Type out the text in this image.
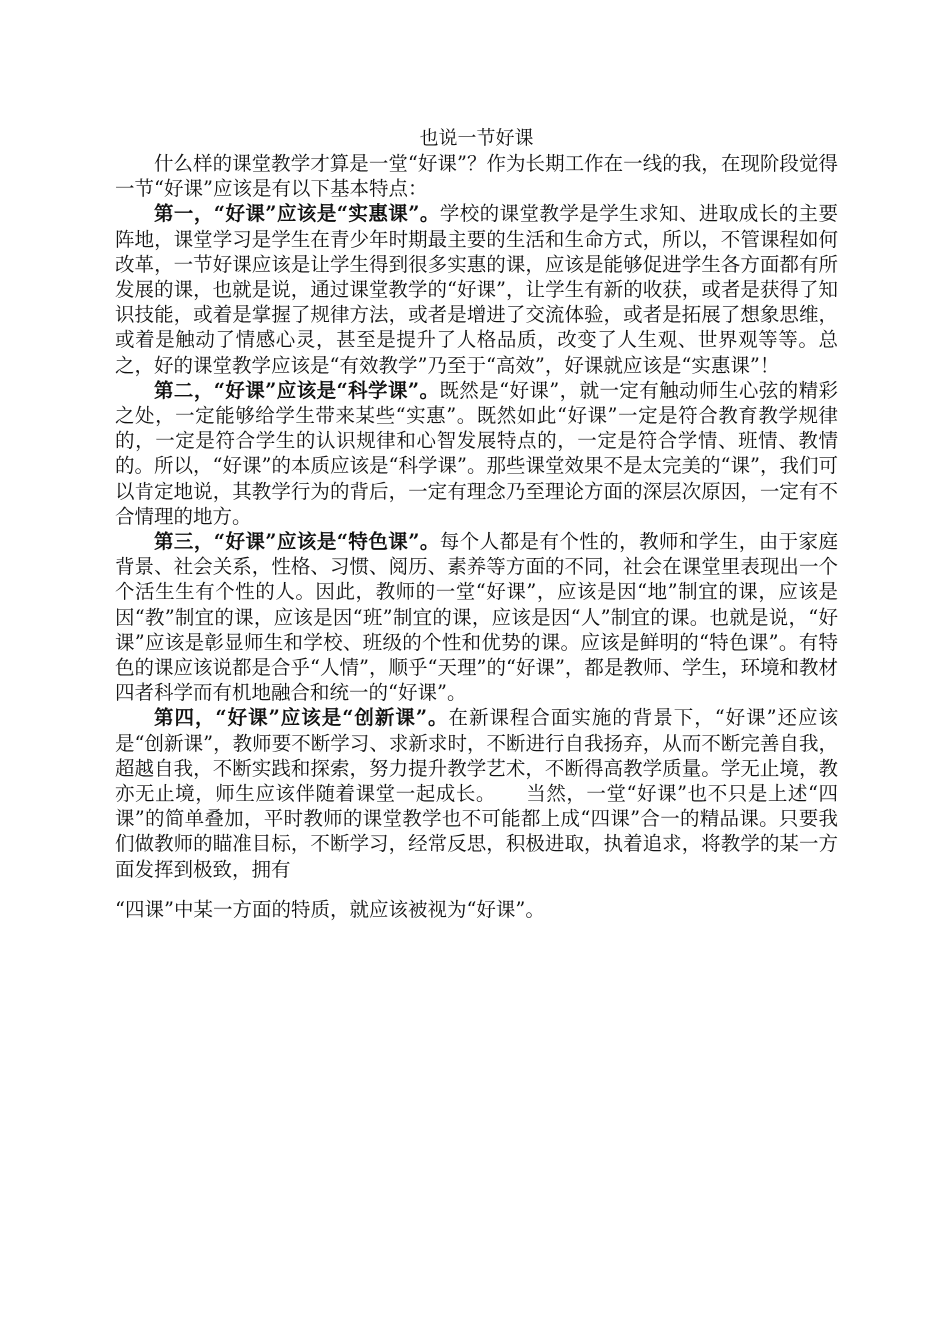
也说一节好课

什么样的课堂教学才算是一堂“好课”？作为长期工作在一线的我，在现阶段觉得一节“好课”应该是有以下基本特点：

第一，“好课”应该是“实惠课”。学校的课堂教学是学生求知、进取成长的主要阵地，课堂学习是学生在青少年时期最主要的生活和生命方式，所以，不管课程如何改革，一节好课应该是让学生得到很多实惠的课，应该是能够促进学生各方面都有所发展的课，也就是说，通过课堂教学的“好课”，让学生有新的收获，或者是获得了知识技能，或着是掌握了规律方法，或者是增进了交流体验，或者是拓展了想象思维，或着是触动了情感心灵，甚至是提升了人格品质，改变了人生观、世界观等等。总之，好的课堂教学应该是“有效教学”乃至于“高效”，好课就应该是“实惠课”！

第二，“好课”应该是“科学课”。既然是“好课”，就一定有触动师生心弦的精彩之处，一定能够给学生带来某些“实惠”。既然如此“好课”一定是符合教育教学规律的，一定是符合学生的认识规律和心智发展特点的，一定是符合学情、班情、教情的。所以，“好课”的本质应该是“科学课”。那些课堂效果不是太完美的“课”，我们可以肯定地说，其教学行为的背后，一定有理念乃至理论方面的深层次原因，一定有不合情理的地方。

第三，“好课”应该是“特色课”。每个人都是有个性的，教师和学生，由于家庭背景、社会关系，性格、习惯、阅历、素养等方面的不同，社会在课堂里表现出一个个活生生有个性的人。因此，教师的一堂“好课”，应该是因“地”制宜的课，应该是因“教”制宜的课，应该是因“班”制宜的课，应该是因“人”制宜的课。也就是说，“好课”应该是彰显师生和学校、班级的个性和优势的课。应该是鲜明的“特色课”。有特色的课应该说都是合乎“人情”，顺乎“天理”的“好课”，都是教师、学生，环境和教材四者科学而有机地融合和统一的“好课”。

第四，“好课”应该是“创新课”。在新课程合面实施的背景下，“好课”还应该是“创新课”，教师要不断学习、求新求时，不断进行自我扬弃，从而不断完善自我，超越自我，不断实践和探索，努力提升教学艺术，不断得高教学质量。学无止境，教亦无止境，师生应该伴随着课堂一起成长。　　当然，一堂“好课”也不只是上述“四课”的简单叠加，平时教师的课堂教学也不可能都上成“四课”合一的精品课。只要我们做教师的瞄准目标，不断学习，经常反思，积极进取，执着追求，将教学的某一方面发挥到极致，拥有

“四课”中某一方面的特质，就应该被视为“好课”。
